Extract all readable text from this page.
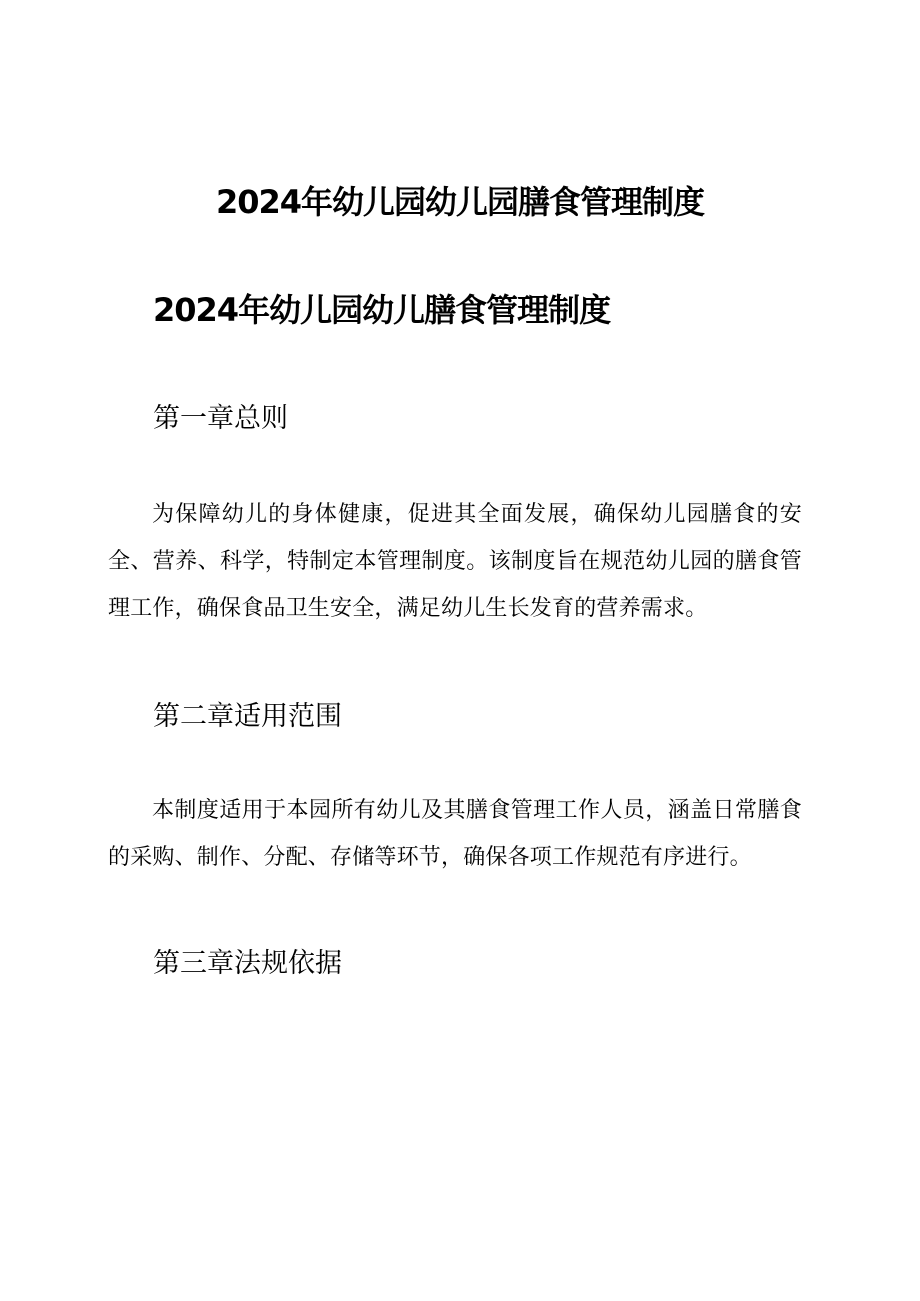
2024年幼儿园幼儿园膳食管理制度
2024年幼儿园幼儿膳食管理制度
第一章总则

为保障幼儿的身体健康，促进其全面发展，确保幼儿园膳食的安全、营养、科学，特制定本管理制度。该制度旨在规范幼儿园的膳食管理工作，确保食品卫生安全，满足幼儿生长发育的营养需求。

第二章适用范围

本制度适用于本园所有幼儿及其膳食管理工作人员，涵盖日常膳食的采购、制作、分配、存储等环节，确保各项工作规范有序进行。

第三章法规依据
